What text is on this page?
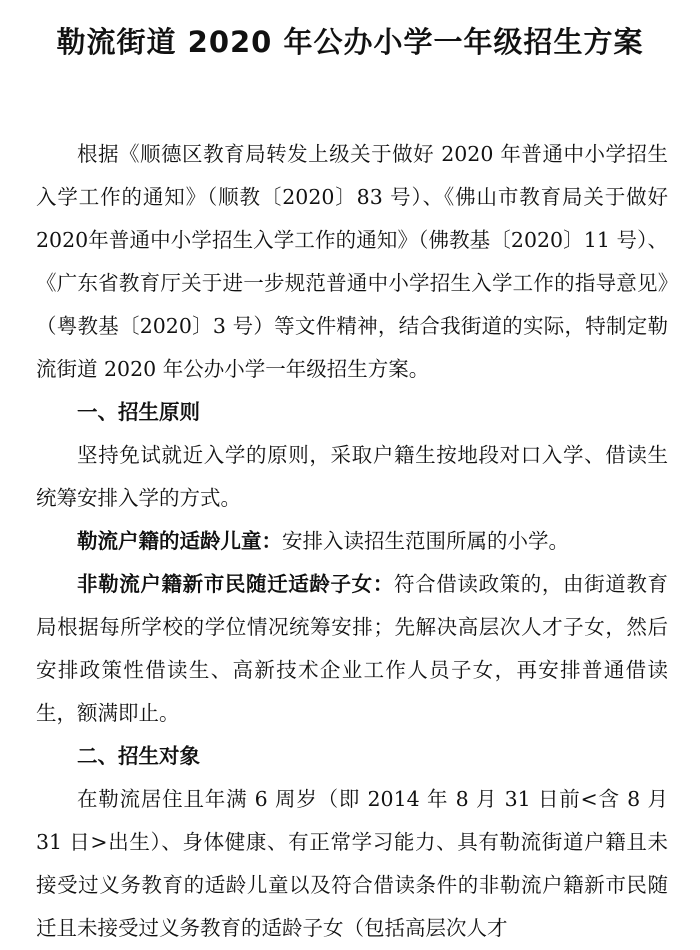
勒流街道 2020 年公办小学一年级招生方案

根据《顺德区教育局转发上级关于做好 2020 年普通中小学招生入学工作的通知》（顺教〔2020〕83 号）、《佛山市教育局关于做好2020年普通中小学招生入学工作的通知》（佛教基〔2020〕11 号）、《广东省教育厅关于进一步规范普通中小学招生入学工作的指导意见》（粤教基〔2020〕3 号）等文件精神，结合我街道的实际，特制定勒流街道 2020 年公办小学一年级招生方案。

一、招生原则

坚持免试就近入学的原则，采取户籍生按地段对口入学、借读生统筹安排入学的方式。

勒流户籍的适龄儿童：安排入读招生范围所属的小学。

非勒流户籍新市民随迁适龄子女：符合借读政策的，由街道教育局根据每所学校的学位情况统筹安排；先解决高层次人才子女，然后安排政策性借读生、高新技术企业工作人员子女，再安排普通借读生，额满即止。

二、招生对象

在勒流居住且年满 6 周岁（即 2014 年 8 月 31 日前<含 8 月 31 日>出生）、身体健康、有正常学习能力、具有勒流街道户籍且未接受过义务教育的适龄儿童以及符合借读条件的非勒流户籍新市民随迁且未接受过义务教育的适龄子女（包括高层次人才
